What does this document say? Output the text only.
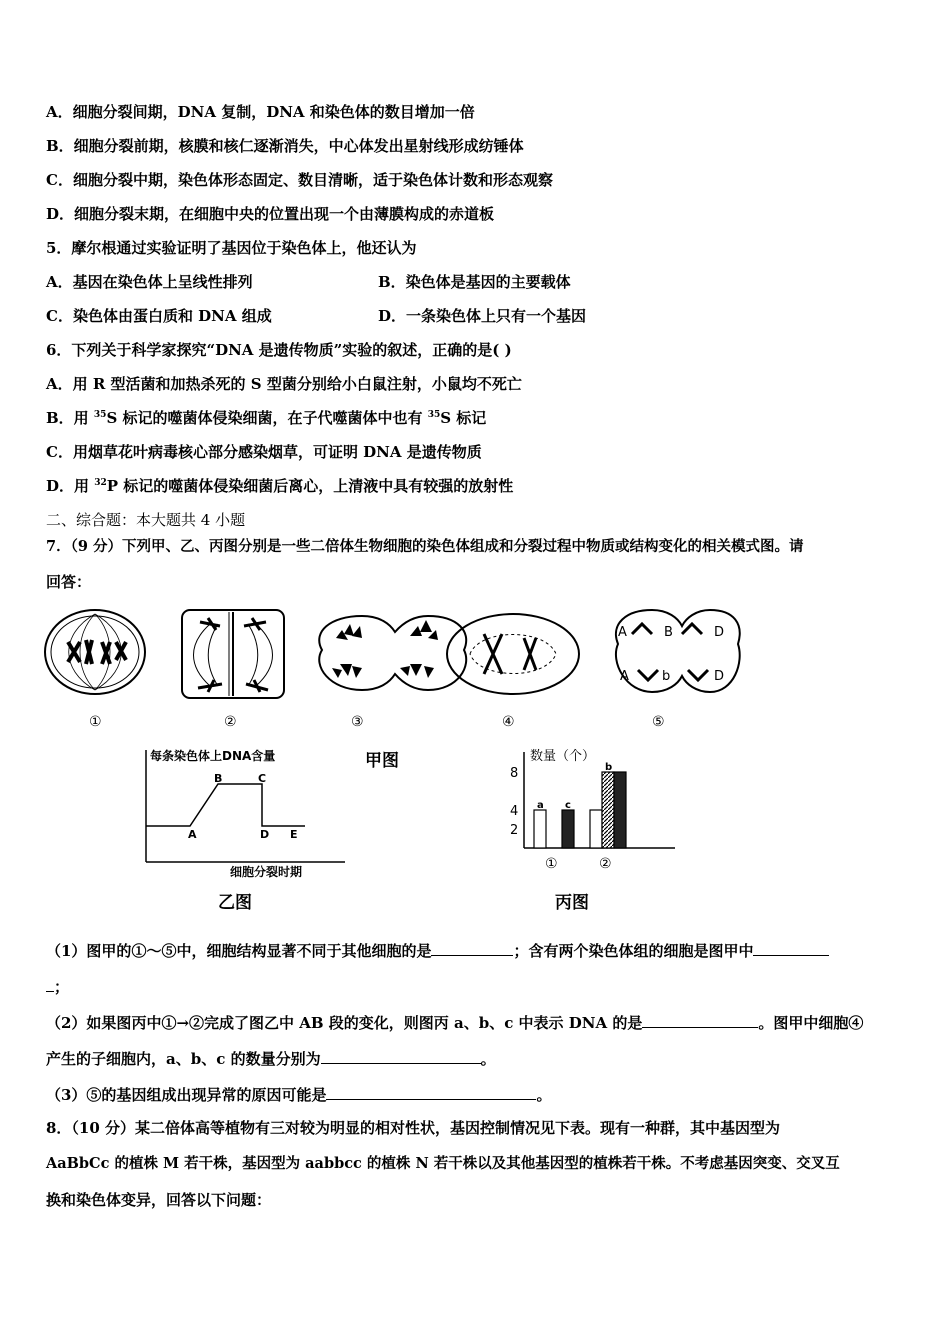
A．细胞分裂间期，DNA 复制，DNA 和染色体的数目增加一倍
B．细胞分裂前期，核膜和核仁逐渐消失，中心体发出星射线形成纺锤体
C．细胞分裂中期，染色体形态固定、数目清晰，适于染色体计数和形态观察
D．细胞分裂末期，在细胞中央的位置出现一个由薄膜构成的赤道板
5．摩尔根通过实验证明了基因位于染色体上，他还认为
A．基因在染色体上呈线性排列	B．染色体是基因的主要载体
C．染色体由蛋白质和 DNA 组成	D．一条染色体上只有一个基因
6．下列关于科学家探究“DNA 是遗传物质”实验的叙述，正确的是( )
A．用 R 型活菌和加热杀死的 S 型菌分别给小白鼠注射，小鼠均不死亡
B．用 $^{35}$S 标记的噬菌体侵染细菌，在子代噬菌体中也有 $^{35}$S 标记
C．用烟草花叶病毒核心部分感染烟草，可证明 DNA 是遗传物质
D．用 $^{32}$P 标记的噬菌体侵染细菌后离心，上清液中具有较强的放射性
二、综合题：本大题共 4 小题
7．（9 分）下列甲、乙、丙图分别是一些二倍体生物细胞的染色体组成和分裂过程中物质或结构变化的相关模式图。请
回答：
①	②	③	④
A	B	D
A	b	D
⑤
甲图
每条染色体上DNA含量
A
B	C
D E
细胞分裂时期
乙图
数量（个）
2
4
8
a c
b
①	②
丙图
（1）图甲的①～⑤中，细胞结构显著不同于其他细胞的是	；含有两个染色体组的细胞是图甲中
；
（2）如果图丙中①→②完成了图乙中 AB 段的变化，则图丙 a、b、c 中表示 DNA 的是	。图甲中细胞④
产生的子细胞内，a、b、c 的数量分别为	。
（3）⑤的基因组成出现异常的原因可能是	。
8．（10 分）某二倍体高等植物有三对较为明显的相对性状，基因控制情况见下表。现有一种群，其中基因型为
AaBbCc 的植株 M 若干株，基因型为 aabbcc 的植株 N 若干株以及其他基因型的植株若干株。不考虑基因突变、交叉互
换和染色体变异，回答以下问题：
